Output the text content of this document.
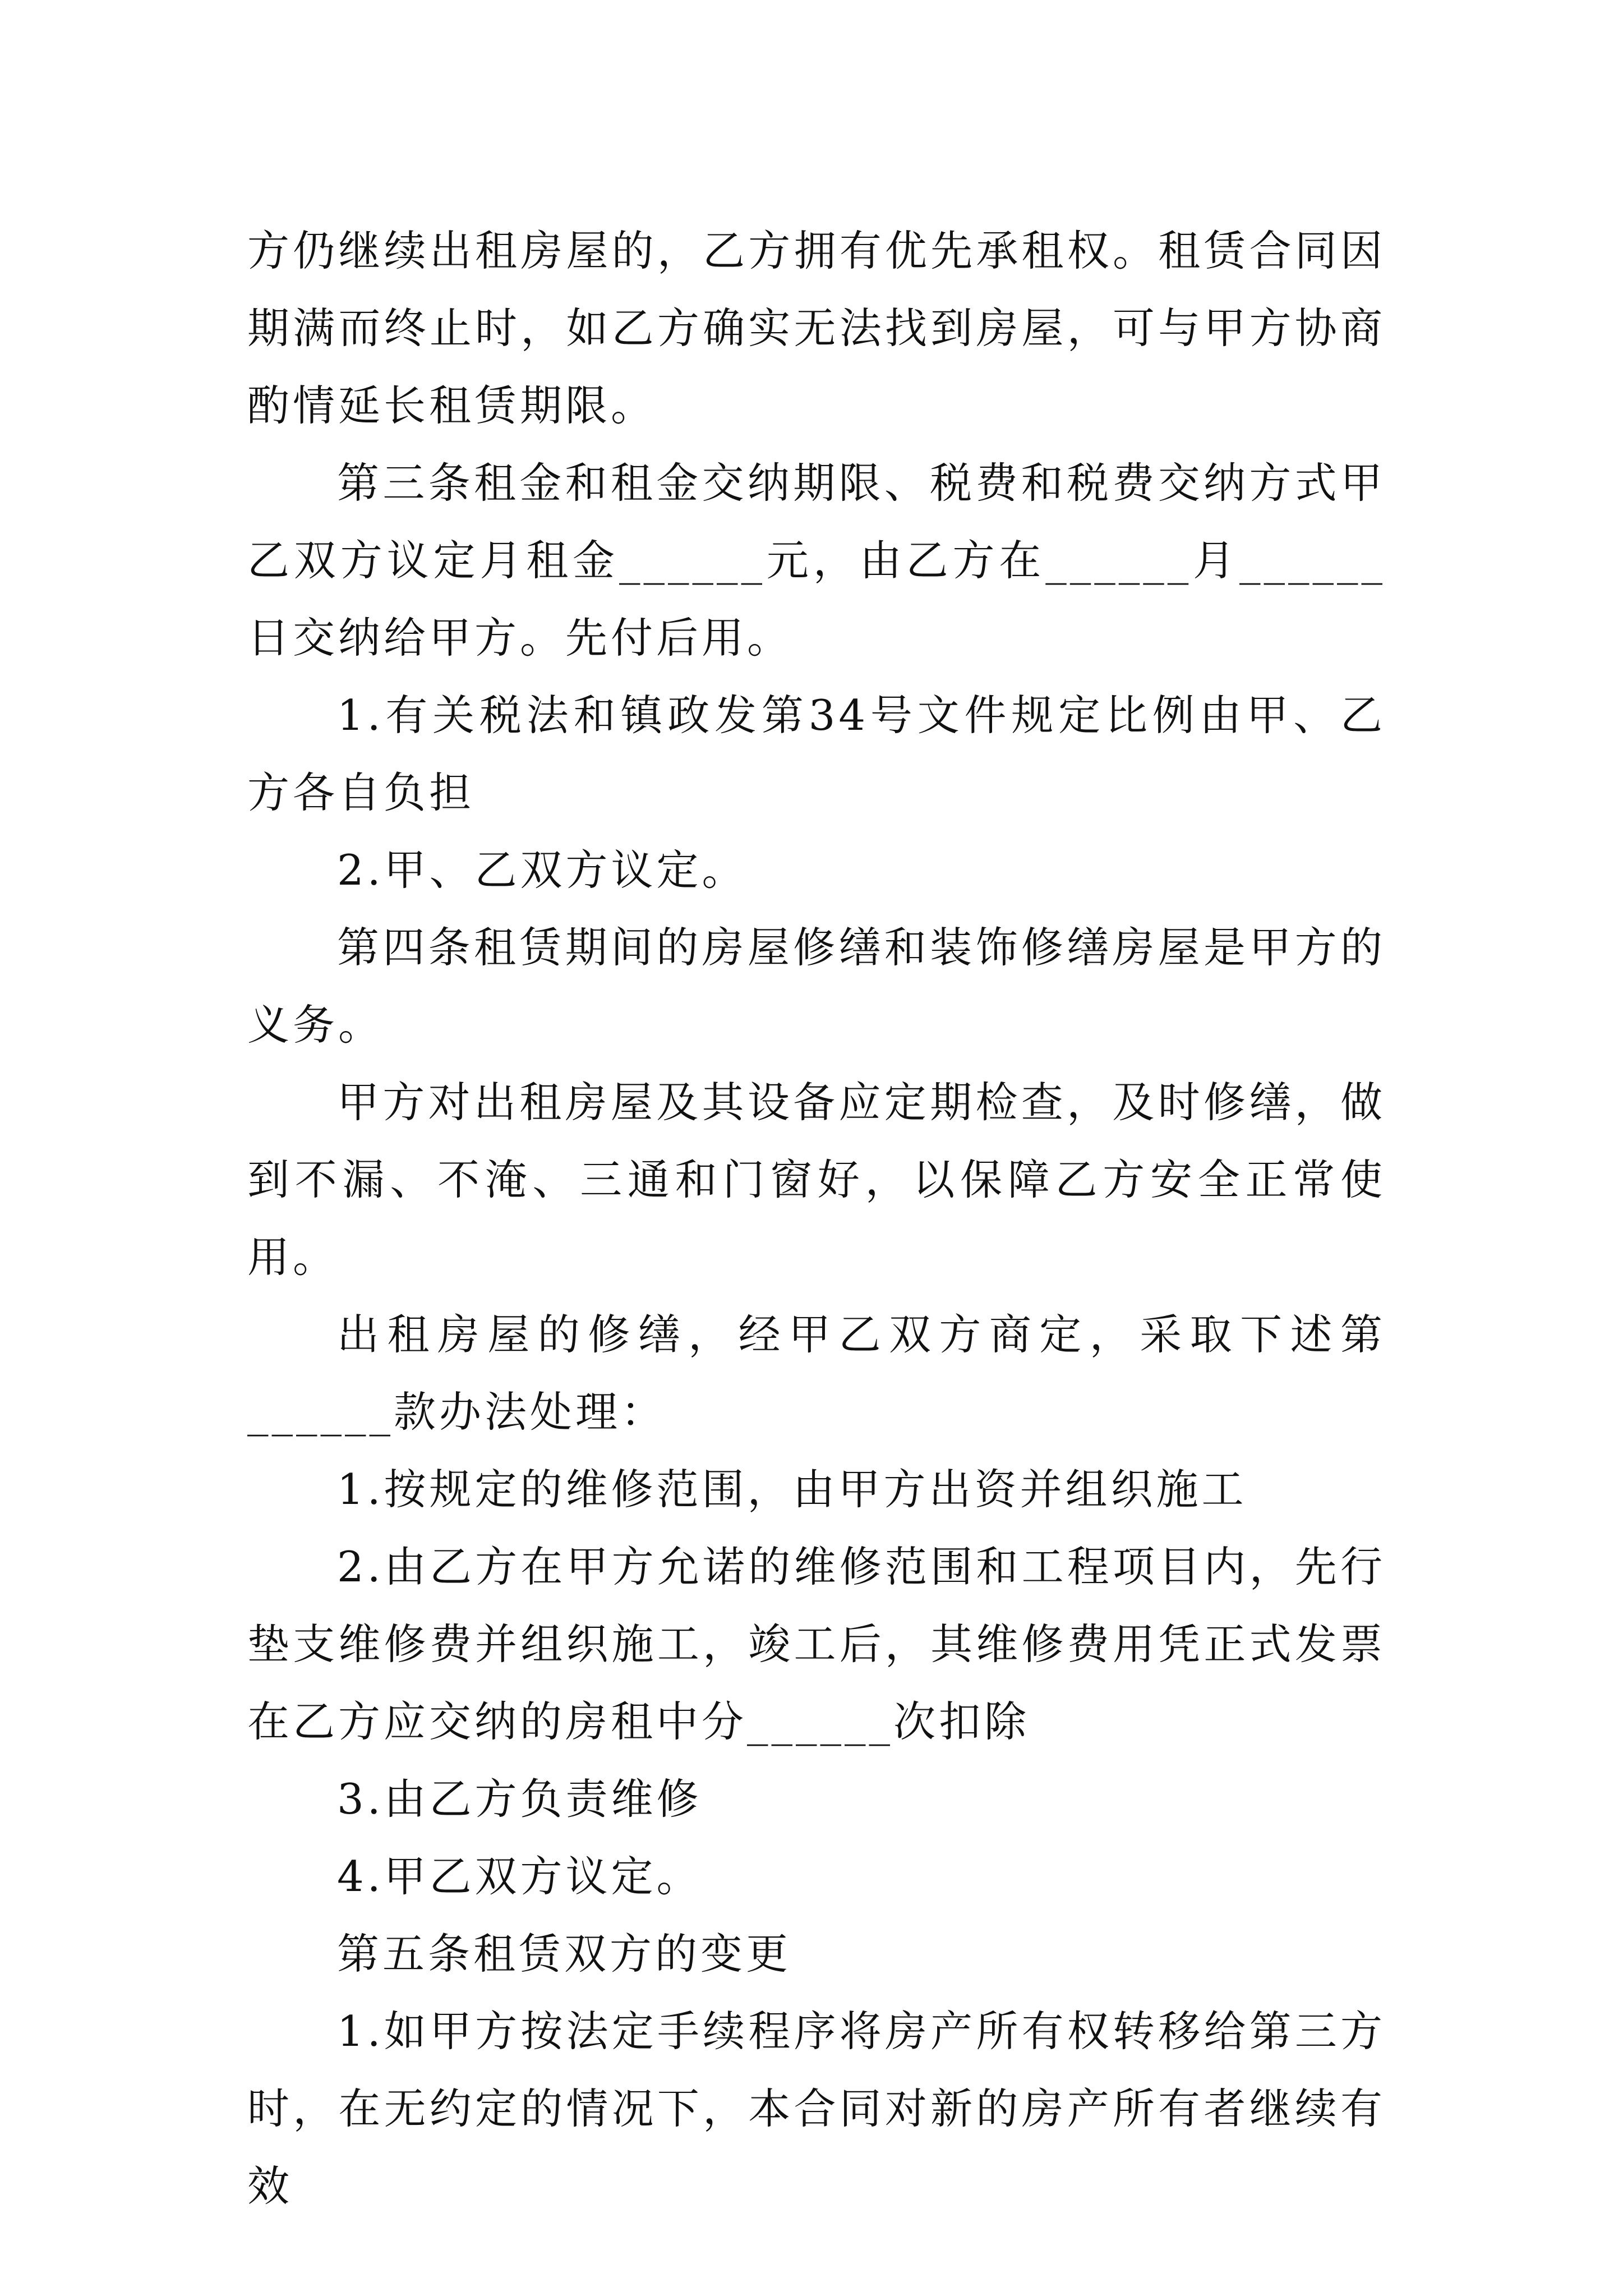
方仍继续出租房屋的，乙方拥有优先承租权。租赁合同因期满而终止时，如乙方确实无法找到房屋，可与甲方协商酌情延长租赁期限。

第三条租金和租金交纳期限、税费和税费交纳方式甲乙双方议定月租金______元，由乙方在______月______日交纳给甲方。先付后用。

1.有关税法和镇政发第34号文件规定比例由甲、乙方各自负担

2.甲、乙双方议定。

第四条租赁期间的房屋修缮和装饰修缮房屋是甲方的义务。

甲方对出租房屋及其设备应定期检查，及时修缮，做到不漏、不淹、三通和门窗好，以保障乙方安全正常使用。

出租房屋的修缮，经甲乙双方商定，采取下述第______款办法处理：

1.按规定的维修范围，由甲方出资并组织施工

2.由乙方在甲方允诺的维修范围和工程项目内，先行垫支维修费并组织施工，竣工后，其维修费用凭正式发票在乙方应交纳的房租中分______次扣除

3.由乙方负责维修

4.甲乙双方议定。

第五条租赁双方的变更

1.如甲方按法定手续程序将房产所有权转移给第三方时，在无约定的情况下，本合同对新的房产所有者继续有效
